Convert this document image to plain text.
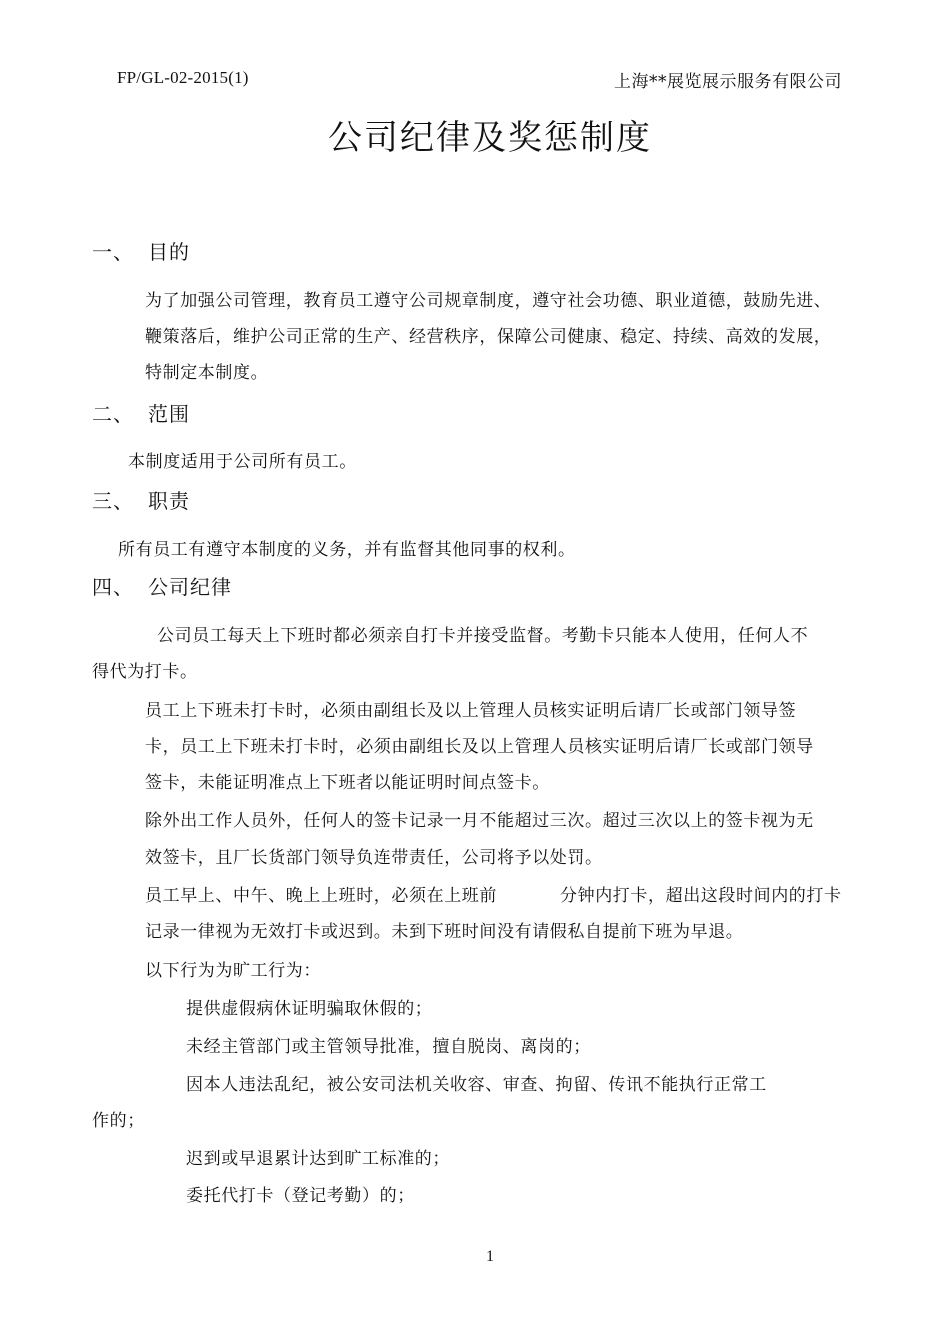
FP/GL-02-2015(1)	上海**展览展示服务有限公司
公司纪律及奖惩制度
一、 目的
为了加强公司管理，教育员工遵守公司规章制度，遵守社会功德、职业道德，鼓励先进、
鞭策落后，维护公司正常的生产、经营秩序，保障公司健康、稳定、持续、高效的发展，
特制定本制度。
二、 范围
本制度适用于公司所有员工。
三、 职责
所有员工有遵守本制度的义务，并有监督其他同事的权利。
四、 公司纪律
公司员工每天上下班时都必须亲自打卡并接受监督。考勤卡只能本人使用，任何人不
得代为打卡。
员工上下班未打卡时，必须由副组长及以上管理人员核实证明后请厂长或部门领导签
卡，员工上下班未打卡时，必须由副组长及以上管理人员核实证明后请厂长或部门领导
签卡，未能证明准点上下班者以能证明时间点签卡。
除外出工作人员外，任何人的签卡记录一月不能超过三次。超过三次以上的签卡视为无
效签卡，且厂长货部门领导负连带责任，公司将予以处罚。
员工早上、中午、晚上上班时，必须在上班前	分钟内打卡，超出这段时间内的打卡
记录一律视为无效打卡或迟到。未到下班时间没有请假私自提前下班为早退。
以下行为为旷工行为：
提供虚假病休证明骗取休假的；
未经主管部门或主管领导批准，擅自脱岗、离岗的；
因本人违法乱纪，被公安司法机关收容、审查、拘留、传讯不能执行正常工
作的；
迟到或早退累计达到旷工标准的；
委托代打卡（登记考勤）的；
1
